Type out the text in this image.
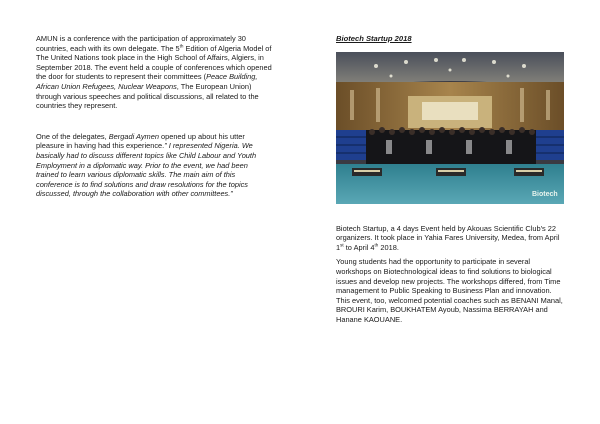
AMUN is a conference with the participation of approximately 30 countries, each with its own delegate. The 5th Edition of Algeria Model of The United Nations took place in the High School of Affairs, Algiers, in September 2018. The event held a couple of conferences which opened the door for students to represent their committees (Peace Building, African Union Refugees, Nuclear Weapons, The European Union) through various speeches and political discussions, all related to the countries they represent.

One of the delegates, Bergadi Aymen opened up about his utter pleasure in having had this experience.” I represented Nigeria. We basically had to discuss different topics like Child Labour and Youth Employment in a diplomatic way. Prior to the event, we had been trained to learn various diplomatic skills. The main aim of this conference is to find solutions and draw resolutions for the topics discussed, through the collaboration with other committees.”

Biotech Startup 2018
Biotech

Biotech Startup, a 4 days Event held by Akouas Scientific Club's 22 organizers. It took place in Yahia Fares University, Medea, from April 1st to April 4th 2018.

Young students had the opportunity to participate in several workshops on Biotechnological ideas to find solutions to biological issues and develop new projects. The workshops differed, from Time management to Public Speaking to Business Plan and innovation. This event, too, welcomed potential coaches such as BENANI Manal, BROURI Karim, BOUKHATEM Ayoub, Nassima BERRAYAH and Hanane KAOUANE.
